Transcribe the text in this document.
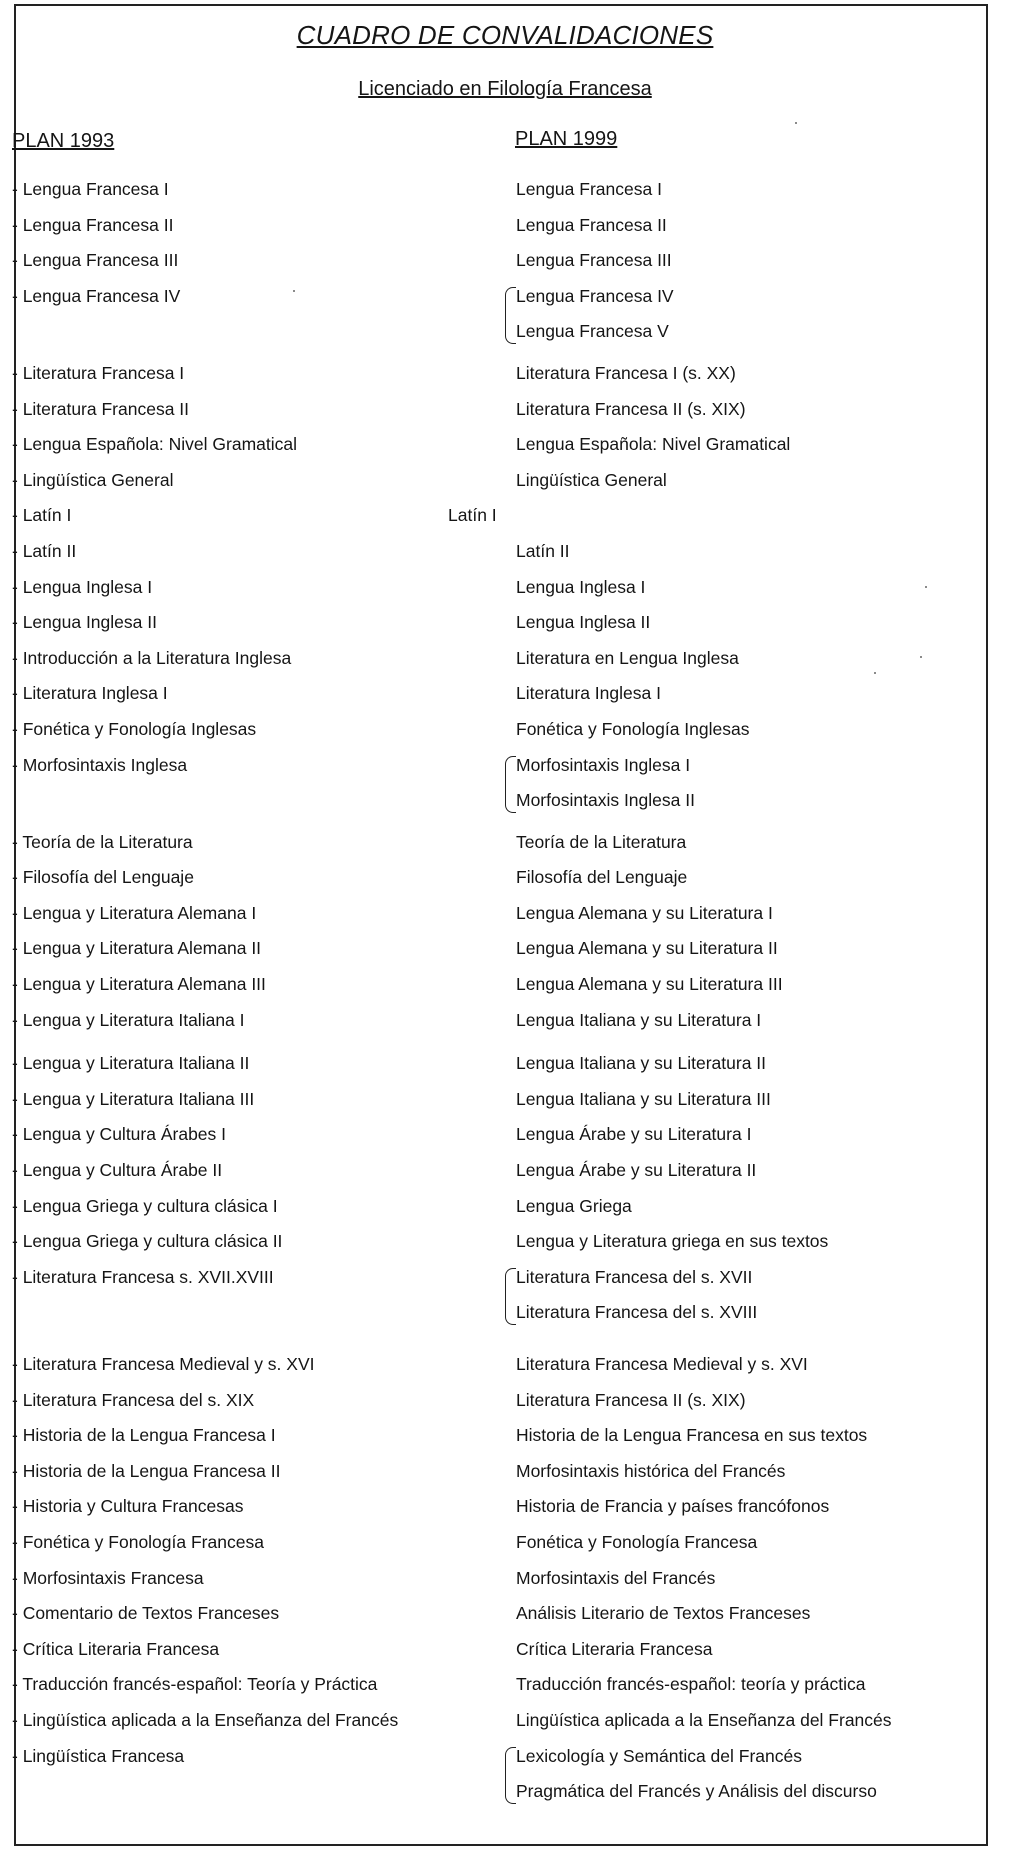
CUADRO DE CONVALIDACIONES
Licenciado en Filología Francesa
PLAN 1993	PLAN 1999
- Lengua Francesa I	Lengua Francesa I
- Lengua Francesa II	Lengua Francesa II
- Lengua Francesa III	Lengua Francesa III
- Lengua Francesa IV	Lengua Francesa IV
Lengua Francesa V
- Literatura Francesa I	Literatura Francesa I (s. XX)
- Literatura Francesa II	Literatura Francesa II (s. XIX)
- Lengua Española: Nivel Gramatical	Lengua Española: Nivel Gramatical
- Lingüística General	Lingüística General
- Latín I	Latín I
- Latín II	Latín II
- Lengua Inglesa I	Lengua Inglesa I
- Lengua Inglesa II	Lengua Inglesa II
- Introducción a la Literatura Inglesa	Literatura en Lengua Inglesa
- Literatura Inglesa I	Literatura Inglesa I
- Fonética y Fonología Inglesas	Fonética y Fonología Inglesas
- Morfosintaxis Inglesa	Morfosintaxis Inglesa I
Morfosintaxis Inglesa II
- Teoría de la Literatura	Teoría de la Literatura
- Filosofía del Lenguaje	Filosofía del Lenguaje
- Lengua y Literatura Alemana I	Lengua Alemana y su Literatura I
- Lengua y Literatura Alemana II	Lengua Alemana y su Literatura II
- Lengua y Literatura Alemana III	Lengua Alemana y su Literatura III
- Lengua y Literatura Italiana I	Lengua Italiana y su Literatura I
- Lengua y Literatura Italiana II	Lengua Italiana y su Literatura II
- Lengua y Literatura Italiana III	Lengua Italiana y su Literatura III
- Lengua y Cultura Árabes I	Lengua Árabe y su Literatura I
- Lengua y Cultura Árabe II	Lengua Árabe y su Literatura II
- Lengua Griega y cultura clásica I	Lengua Griega
- Lengua Griega y cultura clásica II	Lengua y Literatura griega en sus textos
- Literatura Francesa s. XVII.XVIII	Literatura Francesa del s. XVII
Literatura Francesa del s. XVIII
- Literatura Francesa Medieval y s. XVI	Literatura Francesa Medieval y s. XVI
- Literatura Francesa del s. XIX	Literatura Francesa II (s. XIX)
- Historia de la Lengua Francesa I	Historia de la Lengua Francesa en sus textos
- Historia de la Lengua Francesa II	Morfosintaxis histórica del Francés
- Historia y Cultura Francesas	Historia de Francia y países francófonos
- Fonética y Fonología Francesa	Fonética y Fonología Francesa
- Morfosintaxis Francesa	Morfosintaxis del Francés
- Comentario de Textos Franceses	Análisis Literario de Textos Franceses
- Crítica Literaria Francesa	Crítica Literaria Francesa
- Traducción francés-español: Teoría y Práctica	Traducción francés-español: teoría y práctica
- Lingüística aplicada a la Enseñanza del Francés	Lingüística aplicada a la Enseñanza del Francés
- Lingüística Francesa	Lexicología y Semántica del Francés
Pragmática del Francés y Análisis del discurso
